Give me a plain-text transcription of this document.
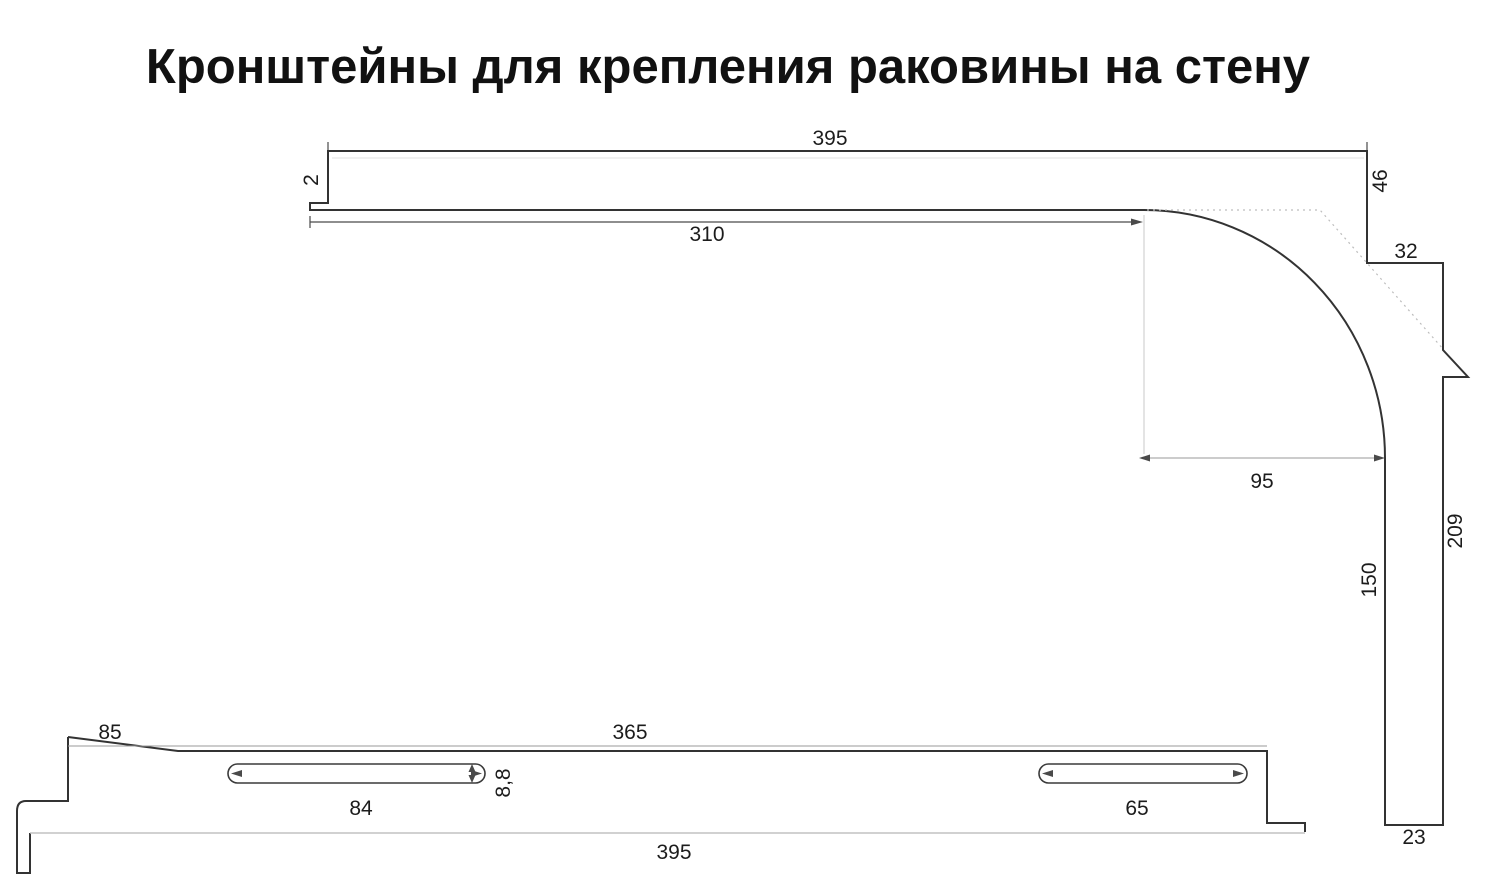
Кронштейны для крепления раковины на стену
395
2
310
46
32
95
150
209
23
85	365
84
8,8
65
395
